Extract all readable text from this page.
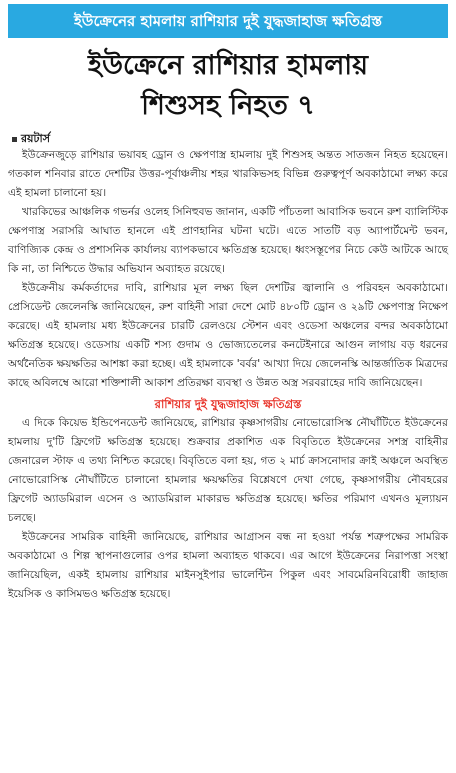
ইউক্রেনের হামলায় রাশিয়ার দুই যুদ্ধজাহাজ ক্ষতিগ্রস্ত
ইউক্রেনে রাশিয়ার হামলায়
শিশুসহ নিহত ৭
রয়টার্স

ইউক্রেনজুড়ে রাশিয়ার ভয়াবহ ড্রোন ও ক্ষেপণাস্ত্র হামলায় দুই শিশুসহ অন্তত সাতজন নিহত হয়েছেন। গতকাল শনিবার রাতে দেশটির উত্তর-পূর্বাঞ্চলীয় শহর খারকিভসহ বিভিন্ন গুরুত্বপূর্ণ অবকাঠামো লক্ষ্য করে এই হামলা চালানো হয়।

খারকিভের আঞ্চলিক গভর্নর ওলেহ সিনিহুবভ জানান, একটি পাঁচতলা আবাসিক ভবনে রুশ ব্যালিস্টিক ক্ষেপণাস্ত্র সরাসরি আঘাত হানলে এই প্রাণহানির ঘটনা ঘটে। এতে সাতটি বড় অ্যাপার্টমেন্ট ভবন, বাণিজ্যিক কেন্দ্র ও প্রশাসনিক কার্যালয় ব্যাপকভাবে ক্ষতিগ্রস্ত হয়েছে। ধ্বংসস্তূপের নিচে কেউ আটকে আছে কি না, তা নিশ্চিতে উদ্ধার অভিযান অব্যাহত রয়েছে।

ইউক্রেনীয় কর্মকর্তাদের দাবি, রাশিয়ার মূল লক্ষ্য ছিল দেশটির জ্বালানি ও পরিবহন অবকাঠামো। প্রেসিডেন্ট জেলেনস্কি জানিয়েছেন, রুশ বাহিনী সারা দেশে মোট ৪৮০টি ড্রোন ও ২৯টি ক্ষেপণাস্ত্র নিক্ষেপ করেছে। এই হামলায় মধ্য ইউক্রেনের চারটি রেলওয়ে স্টেশন এবং ওডেসা অঞ্চলের বন্দর অবকাঠামো ক্ষতিগ্রস্ত হয়েছে। ওডেসায় একটি শস্য গুদাম ও ভোজ্যতেলের কনটেইনারে আগুন লাগায় বড় ধরনের অর্থনৈতিক ক্ষয়ক্ষতির আশঙ্কা করা হচ্ছে। এই হামলাকে 'বর্বর' আখ্যা দিয়ে জেলেনস্কি আন্তর্জাতিক মিত্রদের কাছে অবিলম্বে আরো শক্তিশালী আকাশ প্রতিরক্ষা ব্যবস্থা ও উন্নত অস্ত্র সরবরাহের দাবি জানিয়েছেন।

রাশিয়ার দুই যুদ্ধজাহাজ ক্ষতিগ্রস্ত

এ দিকে কিয়েভ ইন্ডিপেনডেন্ট জানিয়েছে, রাশিয়ার কৃষ্ণসাগরীয় নোভোরোসিস্ক নৌঘাঁটিতে ইউক্রেনের হামলায় দু'টি ফ্রিগেট ক্ষতিগ্রস্ত হয়েছে। শুক্রবার প্রকাশিত এক বিবৃতিতে ইউক্রেনের সশস্ত্র বাহিনীর জেনারেল স্টাফ এ তথ্য নিশ্চিত করেছে। বিবৃতিতে বলা হয়, গত ২ মার্চ ক্রাসনোদার ক্রাই অঞ্চলে অবস্থিত নোভোরোসিস্ক নৌঘাঁটিতে চালানো হামলার ক্ষয়ক্ষতির বিশ্লেষণে দেখা গেছে, কৃষ্ণসাগরীয় নৌবহরের ফ্রিগেট অ্যাডমিরাল এসেন ও অ্যাডমিরাল মাকারভ ক্ষতিগ্রস্ত হয়েছে। ক্ষতির পরিমাণ এখনও মূল্যায়ন চলছে।

ইউক্রেনের সামরিক বাহিনী জানিয়েছে, রাশিয়ার আগ্রাসন বন্ধ না হওয়া পর্যন্ত শত্রুপক্ষের সামরিক অবকাঠামো ও শিল্প স্থাপনাগুলোর ওপর হামলা অব্যাহত থাকবে। এর আগে ইউক্রেনের নিরাপত্তা সংস্থা জানিয়েছিল, একই হামলায় রাশিয়ার মাইনসুইপার ভালেন্টিন পিকুল এবং সাবমেরিনবিরোধী জাহাজ ইয়েসিক ও কাসিমভও ক্ষতিগ্রস্ত হয়েছে।
